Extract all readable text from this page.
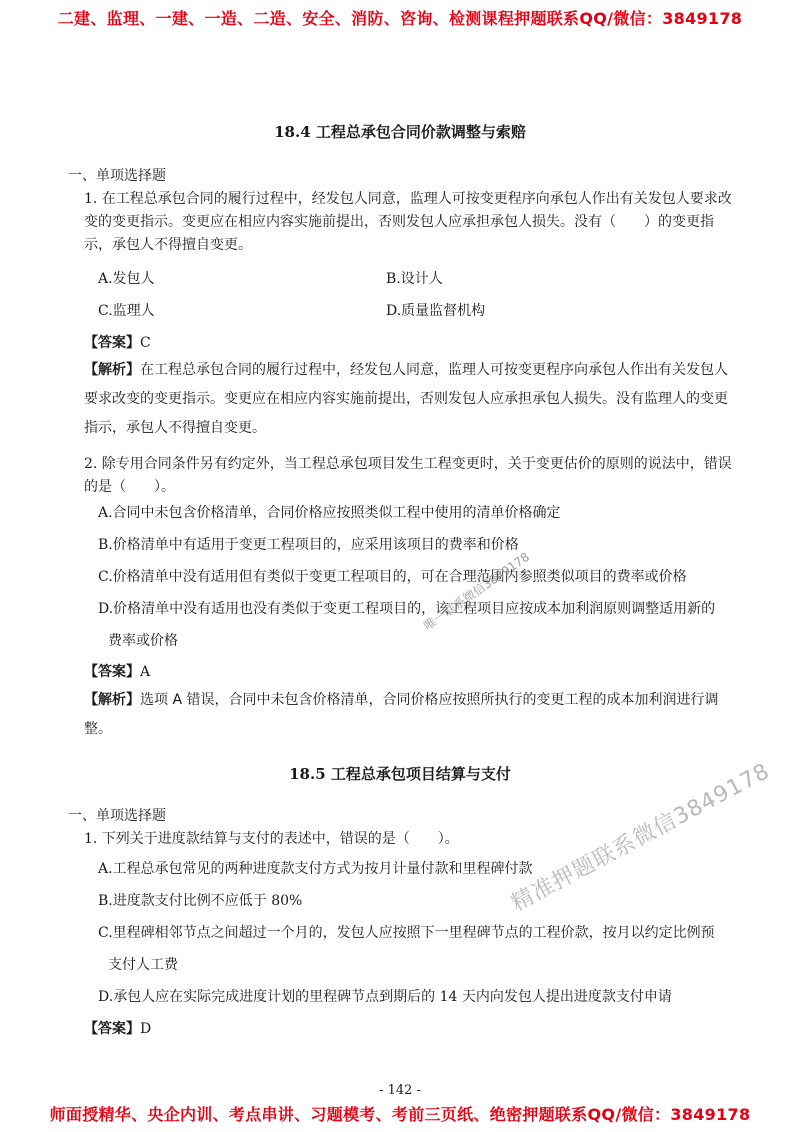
二建、监理、一建、一造、二造、安全、消防、咨询、检测课程押题联系QQ/微信：3849178
18.4 工程总承包合同价款调整与索赔
一、单项选择题
1. 在工程总承包合同的履行过程中，经发包人同意，监理人可按变更程序向承包人作出有关发包人要求改变的变更指示。变更应在相应内容实施前提出，否则发包人应承担承包人损失。没有（　　）的变更指示，承包人不得擅自变更。
A.发包人	B.设计人
C.监理人	D.质量监督机构
【答案】C
【解析】在工程总承包合同的履行过程中，经发包人同意，监理人可按变更程序向承包人作出有关发包人要求改变的变更指示。变更应在相应内容实施前提出，否则发包人应承担承包人损失。没有监理人的变更指示，承包人不得擅自变更。
2. 除专用合同条件另有约定外，当工程总承包项目发生工程变更时，关于变更估价的原则的说法中，错误的是（　　）。
A.合同中未包含价格清单，合同价格应按照类似工程中使用的清单价格确定
B.价格清单中有适用于变更工程项目的，应采用该项目的费率和价格
C.价格清单中没有适用但有类似于变更工程项目的，可在合理范围内参照类似项目的费率或价格
D.价格清单中没有适用也没有类似于变更工程项目的，该工程项目应按成本加利润原则调整适用新的
费率或价格
【答案】A
【解析】选项 A 错误，合同中未包含价格清单，合同价格应按照所执行的变更工程的成本加利润进行调整。
18.5 工程总承包项目结算与支付
一、单项选择题
1. 下列关于进度款结算与支付的表述中，错误的是（　　）。
A.工程总承包常见的两种进度款支付方式为按月计量付款和里程碑付款
B.进度款支付比例不应低于 80%
C.里程碑相邻节点之间超过一个月的，发包人应按照下一里程碑节点的工程价款，按月以约定比例预
支付人工费
D.承包人应在实际完成进度计划的里程碑节点到期后的 14 天内向发包人提出进度款支付申请
【答案】D
唯一联系微信3849178
精准押题联系微信3849178
- 142 -
师面授精华、央企内训、考点串讲、习题模考、考前三页纸、绝密押题联系QQ/微信：3849178
